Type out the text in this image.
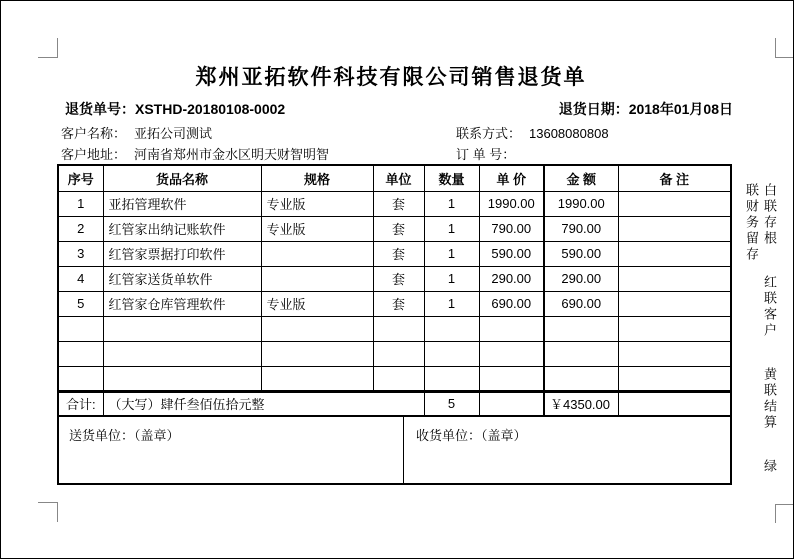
郑州亚拓软件科技有限公司销售退货单
退货单号：XSTHD-20180108-0002	退货日期：2018年01月08日
客户名称： 亚拓公司测试	联系方式： 13608080808
客户地址： 河南省郑州市金水区明天财智明智	订 单 号：
序号	货品名称	规格	单位	数量	单 价	金 额	备 注
1	亚拓管理软件	专业版	套	1	1990.00	1990.00	
2	红管家出纳记账软件	专业版	套	1	790.00	790.00	
3	红管家票据打印软件		套	1	590.00	590.00	
4	红管家送货单软件		套	1	290.00	290.00	
5	红管家仓库管理软件	专业版	套	1	690.00	690.00	

合计:	（大写）肆仟叁佰伍拾元整			5		￥4350.00	
送货单位：（盖章）	收货单位：（盖章）
白联存根 红联客户 黄联结算 绿联财务留存
